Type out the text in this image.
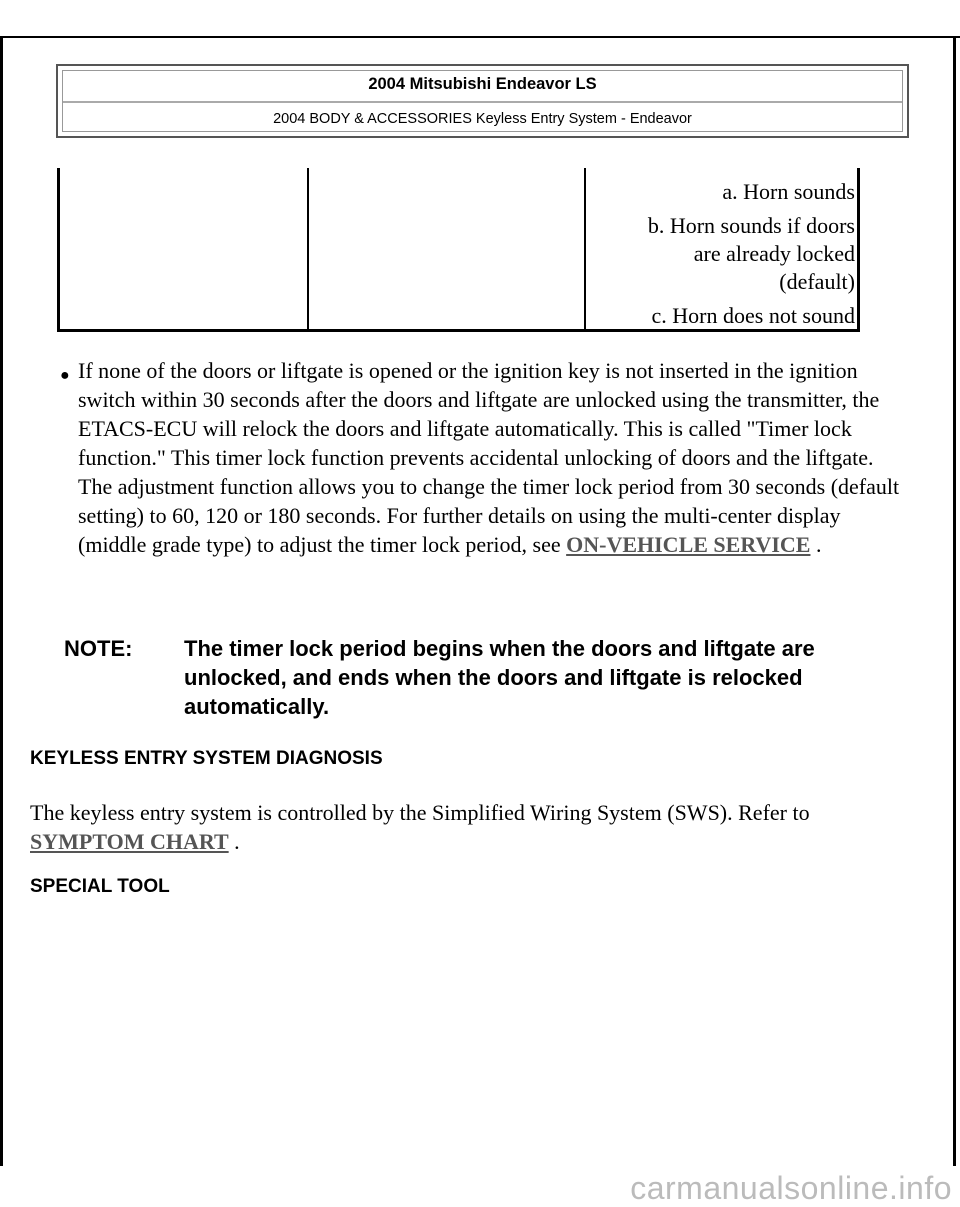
2004 Mitsubishi Endeavor LS
2004 BODY & ACCESSORIES Keyless Entry System - Endeavor
a. Horn sounds
b. Horn sounds if doors
are already locked
(default)
c. Horn does not sound
● If none of the doors or liftgate is opened or the ignition key is not inserted in the ignition switch within 30 seconds after the doors and liftgate are unlocked using the transmitter, the ETACS-ECU will relock the doors and liftgate automatically. This is called "Timer lock function." This timer lock function prevents accidental unlocking of doors and the liftgate. The adjustment function allows you to change the timer lock period from 30 seconds (default setting) to 60, 120 or 180 seconds. For further details on using the multi-center display (middle grade type) to adjust the timer lock period, see ON-VEHICLE SERVICE .
NOTE: The timer lock period begins when the doors and liftgate are unlocked, and ends when the doors and liftgate is relocked automatically.
KEYLESS ENTRY SYSTEM DIAGNOSIS
The keyless entry system is controlled by the Simplified Wiring System (SWS). Refer to SYMPTOM CHART .
SPECIAL TOOL
carmanualsonline.info
